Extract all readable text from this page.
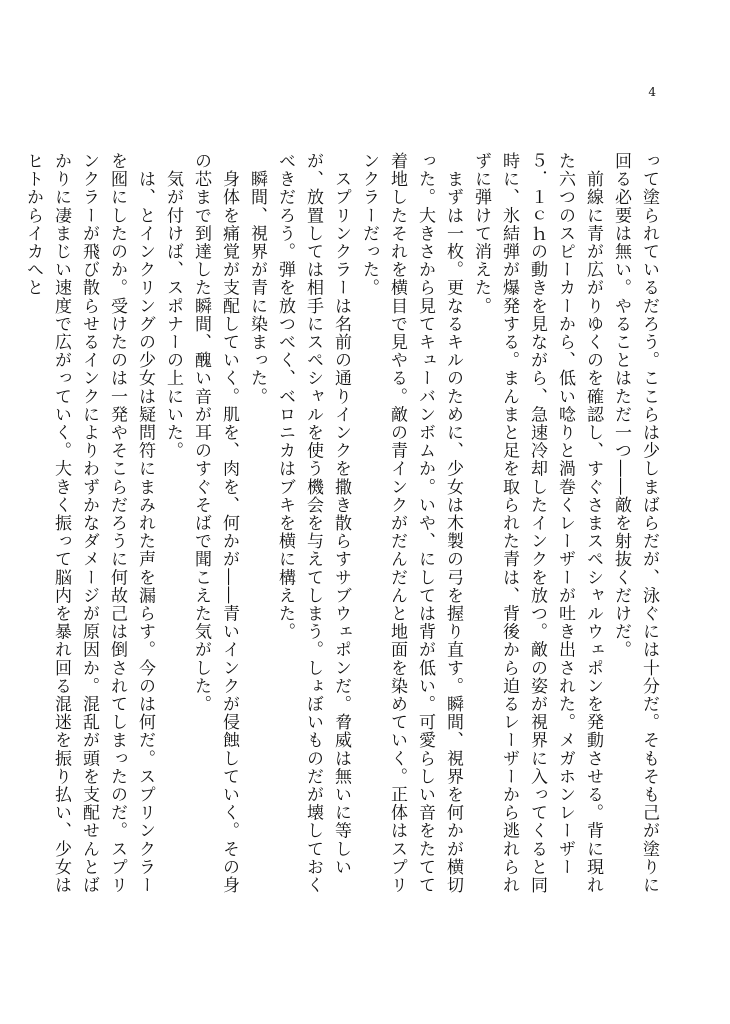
4

って塗られているだろう。ここらは少しまばらだが、泳ぐには十分だ。そもそも己が塗りに回る必要は無い。やることはただ一つ――敵を射抜くだけだ。

　前線に青が広がりゆくのを確認し、すぐさまスペシャルウェポンを発動させる。背に現れた六つのスピーカーから、低い唸りと渦巻くレーザーが吐き出された。メガホンレーザー５．１ｃｈの動きを見ながら、急速冷却したインクを放つ。敵の姿が視界に入ってくると同時に、氷結弾が爆発する。まんまと足を取られた青は、背後から迫るレーザーから逃れられずに弾けて消えた。

　まずは一枚。更なるキルのために、少女は木製の弓を握り直す。瞬間、視界を何かが横切った。大きさから見てキューバンボムか。いや、にしては背が低い。可愛らしい音をたてて着地したそれを横目で見やる。敵の青インクがだんだんと地面を染めていく。正体はスプリンクラーだった。

　スプリンクラーは名前の通りインクを撒き散らすサブウェポンだ。脅威は無いに等しいが、放置しては相手にスペシャルを使う機会を与えてしまう。しょぼいものだが壊しておくべきだろう。弾を放つべく、ベロニカはブキを横に構えた。

　瞬間、視界が青に染まった。

　身体を痛覚が支配していく。肌を、肉を、何かが――青いインクが侵蝕していく。その身の芯まで到達した瞬間、醜い音が耳のすぐそばで聞こえた気がした。

　気が付けば、スポナーの上にいた。

　は、とインクリングの少女は疑問符にまみれた声を漏らす。今のは何だ。スプリンクラーを囮にしたのか。受けたのは一発やそこらだろうに何故己は倒されてしまったのだ。スプリンクラーが飛び散らせるインクによりわずかなダメージが原因か。混乱が頭を支配せんとばかりに凄まじい速度で広がっていく。大きく振って脳内を暴れ回る混迷を振り払い、少女はヒトからイカへと
